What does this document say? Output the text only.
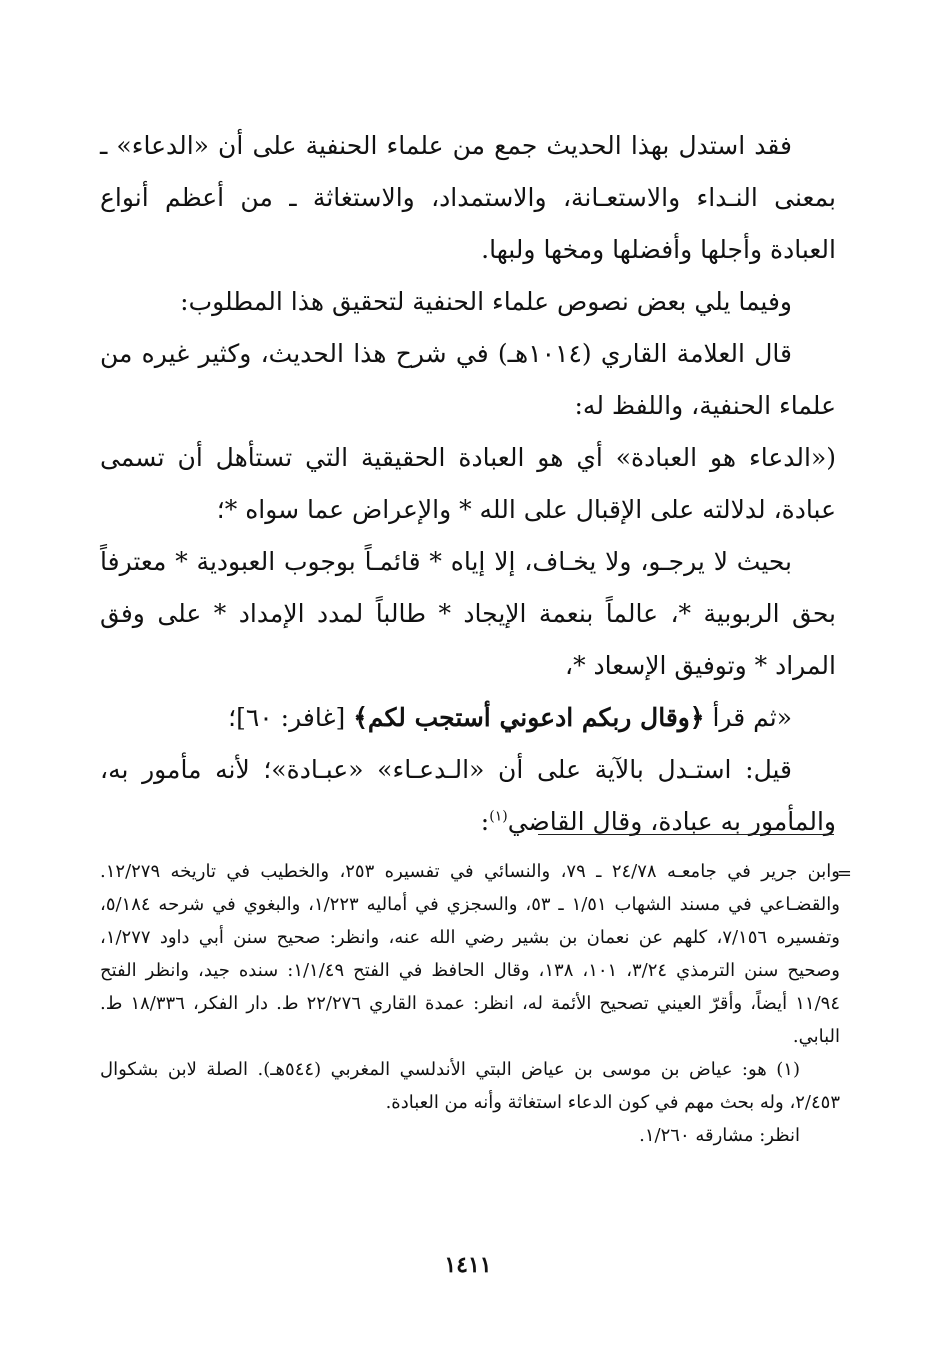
فقد استدل بهذا الحديث جمع من علماء الحنفية على أن «الدعاء» ـ بمعنى النـداء والاستعـانة، والاستمداد، والاستغاثة ـ من أعظم أنواع العبادة وأجلها وأفضلها ومخها ولبها.

وفيما يلي بعض نصوص علماء الحنفية لتحقيق هذا المطلوب:

قال العلامة القاري (١٠١٤هـ) في شرح هذا الحديث، وكثير غيره من علماء الحنفية، واللفظ له:

(«الدعاء هو العبادة» أي هو العبادة الحقيقية التي تستأهل أن تسمى عبادة، لدلالته على الإقبال على الله * والإعراض عما سواه *؛

بحيث لا يرجـو، ولا يخـاف، إلا إياه * قائمـاً بوجوب العبودية * معترفاً بحق الربوبية *، عالماً بنعمة الإيجاد * طالباً لمدد الإمداد * على وفق المراد * وتوفيق الإسعاد *،

«ثم قرأ ﴿وقال ربكم ادعوني أستجب لكم﴾ [غافر: ٦٠]؛

قيل: استـدل بالآية على أن «الـدعـاء» «عبـادة»؛ لأنه مأمور به، والمأمور به عبادة، وقال القاضي$^{(١)}$:

=

وابن جرير في جامعـه ٢٤/٧٨ ـ ٧٩، والنسائي في تفسيره ٢٥٣، والخطيب في تاريخه ١٢/٢٧٩. والقضـاعي في مسند الشهاب ١/٥١ ـ ٥٣، والسجزي في أماليه ١/٢٢٣، والبغوي في شرحه ٥/١٨٤، وتفسيره ٧/١٥٦، كلهم عن نعمان بن بشير رضي الله عنه، وانظر: صحيح سنن أبي داود ١/٢٧٧، وصحيح سنن الترمذي ٣/٢٤، ١٠١، ١٣٨، وقال الحافظ في الفتح ١/١/٤٩: سنده جيد، وانظر الفتح ١١/٩٤ أيضاً، وأقرّ العيني تصحيح الأئمة له، انظر: عمدة القاري ٢٢/٢٧٦ ط. دار الفكر، ١٨/٣٣٦ ط. البابي.

(١) هو: عياض بن موسى بن عياض البتي الأندلسي المغربي (٥٤٤هـ). الصلة لابن بشكوال ٢/٤٥٣، وله بحث مهم في كون الدعاء استغاثة وأنه من العبادة.

انظر: مشارقه ١/٢٦٠.

١٤١١
